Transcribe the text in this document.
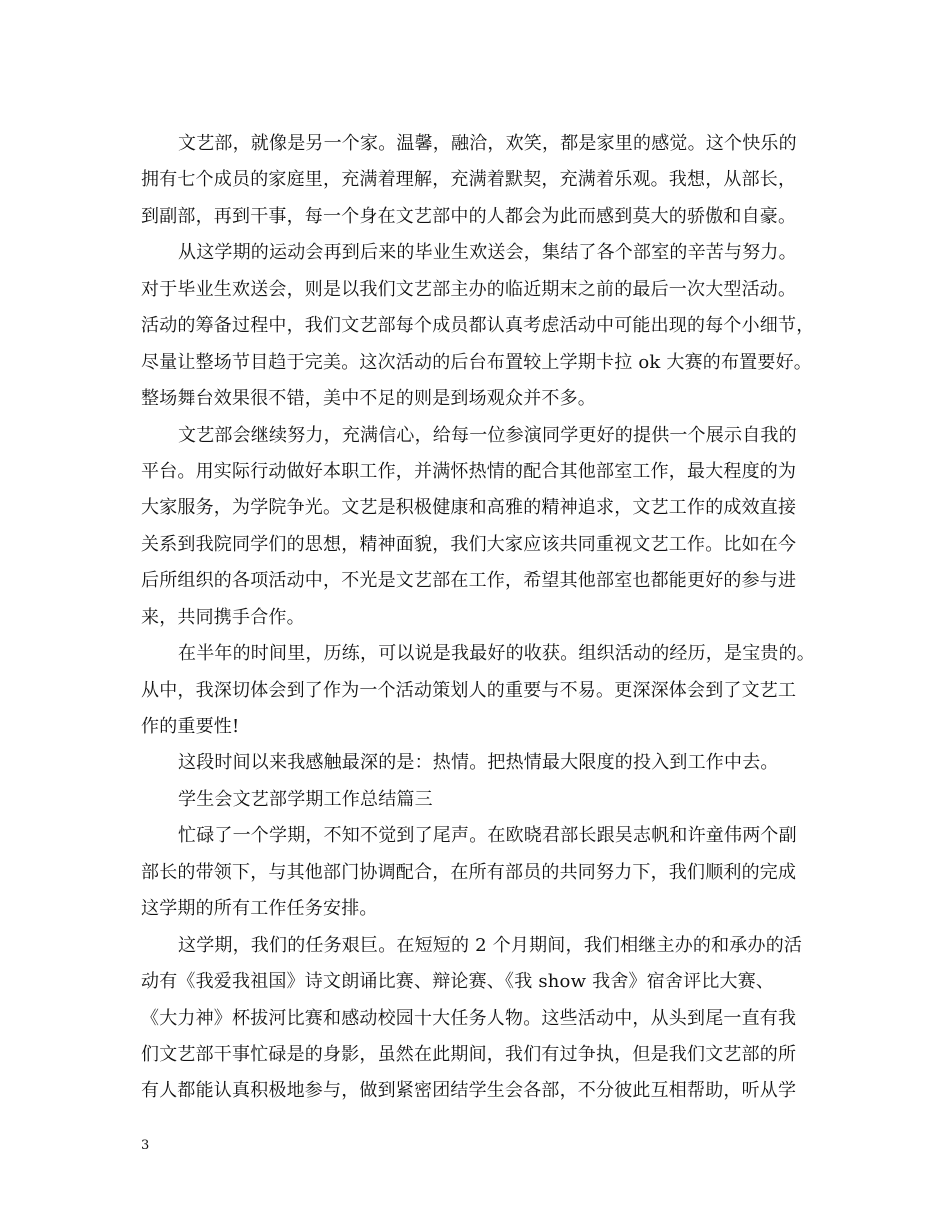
文艺部，就像是另一个家。温馨，融洽，欢笑，都是家里的感觉。这个快乐的
拥有七个成员的家庭里，充满着理解，充满着默契，充满着乐观。我想，从部长，
到副部，再到干事，每一个身在文艺部中的人都会为此而感到莫大的骄傲和自豪。
从这学期的运动会再到后来的毕业生欢送会，集结了各个部室的辛苦与努力。
对于毕业生欢送会，则是以我们文艺部主办的临近期末之前的最后一次大型活动。
活动的筹备过程中，我们文艺部每个成员都认真考虑活动中可能出现的每个小细节，
尽量让整场节目趋于完美。这次活动的后台布置较上学期卡拉 ok 大赛的布置要好。
整场舞台效果很不错，美中不足的则是到场观众并不多。
文艺部会继续努力，充满信心，给每一位参演同学更好的提供一个展示自我的
平台。用实际行动做好本职工作，并满怀热情的配合其他部室工作，最大程度的为
大家服务，为学院争光。文艺是积极健康和高雅的精神追求，文艺工作的成效直接
关系到我院同学们的思想，精神面貌，我们大家应该共同重视文艺工作。比如在今
后所组织的各项活动中，不光是文艺部在工作，希望其他部室也都能更好的参与进
来，共同携手合作。
在半年的时间里，历练，可以说是我最好的收获。组织活动的经历，是宝贵的。
从中，我深切体会到了作为一个活动策划人的重要与不易。更深深体会到了文艺工
作的重要性!
这段时间以来我感触最深的是：热情。把热情最大限度的投入到工作中去。
学生会文艺部学期工作总结篇三
忙碌了一个学期，不知不觉到了尾声。在欧晓君部长跟吴志帆和许童伟两个副
部长的带领下，与其他部门协调配合，在所有部员的共同努力下，我们顺利的完成
这学期的所有工作任务安排。
这学期，我们的任务艰巨。在短短的 2 个月期间，我们相继主办的和承办的活
动有《我爱我祖国》诗文朗诵比赛、辩论赛、《我 show 我舍》宿舍评比大赛、
《大力神》杯拔河比赛和感动校园十大任务人物。这些活动中，从头到尾一直有我
们文艺部干事忙碌是的身影，虽然在此期间，我们有过争执，但是我们文艺部的所
有人都能认真积极地参与，做到紧密团结学生会各部，不分彼此互相帮助，听从学
3
